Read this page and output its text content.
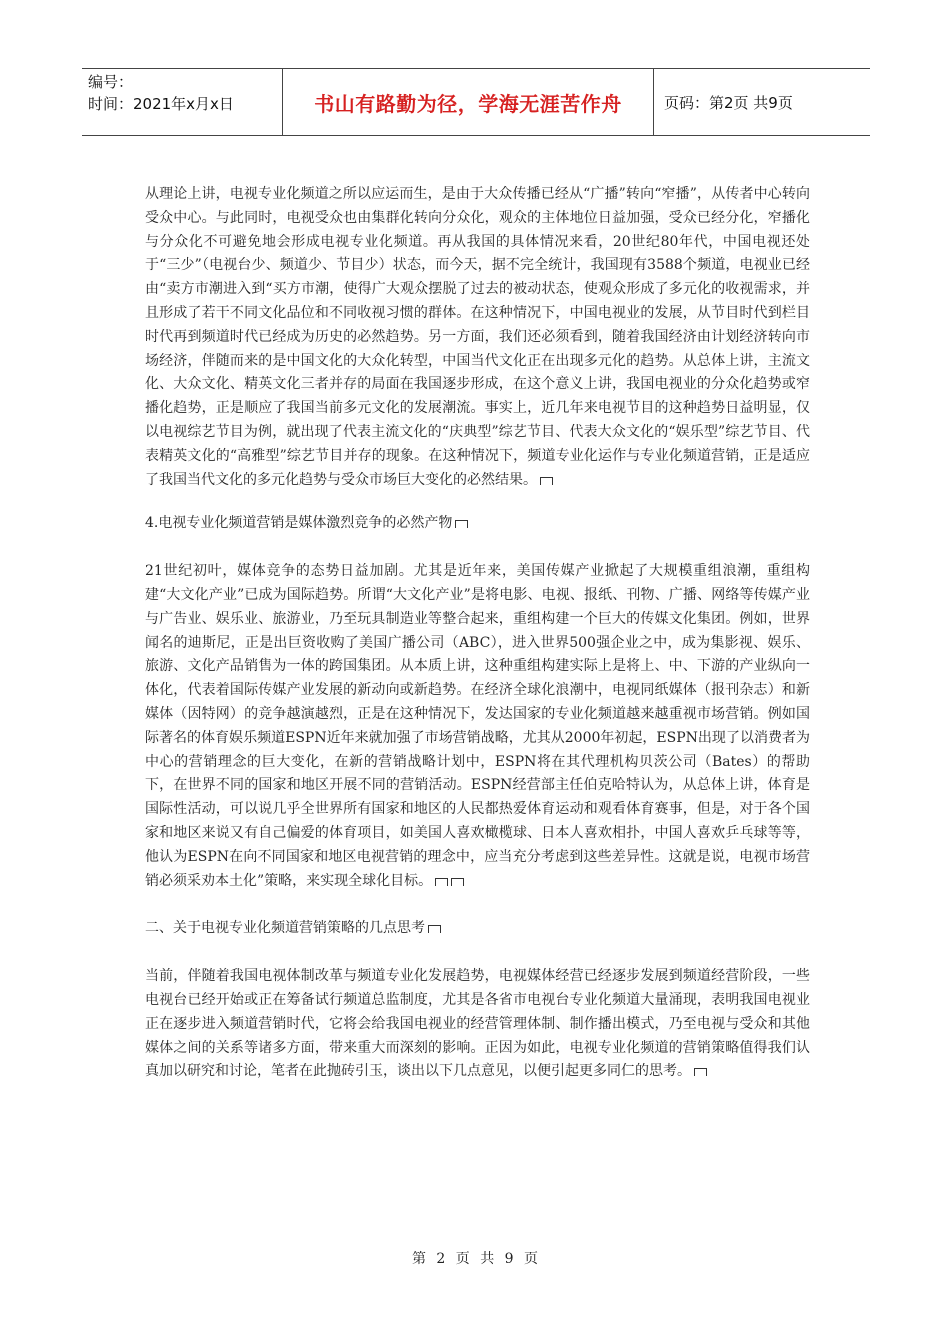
编号：
时间：2021年x月x日	书山有路勤为径，学海无涯苦作舟	页码：第2页 共9页

从理论上讲，电视专业化频道之所以应运而生，是由于大众传播已经从“广播”转向“窄播”，从传者中心转向受众中心。与此同时，电视受众也由集群化转向分众化，观众的主体地位日益加强，受众已经分化，窄播化与分众化不可避免地会形成电视专业化频道。再从我国的具体情况来看，20世纪80年代，中国电视还处于“三少”（电视台少、频道少、节目少）状态，而今天，据不完全统计，我国现有3588个频道，电视业已经由“卖方市潮进入到“买方市潮，使得广大观众摆脱了过去的被动状态，使观众形成了多元化的收视需求，并且形成了若干不同文化品位和不同收视习惯的群体。在这种情况下，中国电视业的发展，从节目时代到栏目时代再到频道时代已经成为历史的必然趋势。另一方面，我们还必须看到，随着我国经济由计划经济转向市场经济，伴随而来的是中国文化的大众化转型，中国当代文化正在出现多元化的趋势。从总体上讲，主流文化、大众文化、精英文化三者并存的局面在我国逐步形成，在这个意义上讲，我国电视业的分众化趋势或窄播化趋势，正是顺应了我国当前多元文化的发展潮流。事实上，近几年来电视节目的这种趋势日益明显，仅以电视综艺节目为例，就出现了代表主流文化的“庆典型”综艺节目、代表大众文化的“娱乐型”综艺节目、代表精英文化的“高雅型”综艺节目并存的现象。在这种情况下，频道专业化运作与专业化频道营销，正是适应了我国当代文化的多元化趋势与受众市场巨大变化的必然结果。

4.电视专业化频道营销是媒体激烈竞争的必然产物

21世纪初叶，媒体竞争的态势日益加剧。尤其是近年来，美国传媒产业掀起了大规模重组浪潮，重组构建“大文化产业”已成为国际趋势。所谓“大文化产业”是将电影、电视、报纸、刊物、广播、网络等传媒产业与广告业、娱乐业、旅游业，乃至玩具制造业等整合起来，重组构建一个巨大的传媒文化集团。例如，世界闻名的迪斯尼，正是出巨资收购了美国广播公司（ABC），进入世界500强企业之中，成为集影视、娱乐、旅游、文化产品销售为一体的跨国集团。从本质上讲，这种重组构建实际上是将上、中、下游的产业纵向一体化，代表着国际传媒产业发展的新动向或新趋势。在经济全球化浪潮中，电视同纸媒体（报刊杂志）和新媒体（因特网）的竞争越演越烈，正是在这种情况下，发达国家的专业化频道越来越重视市场营销。例如国际著名的体育娱乐频道ESPN近年来就加强了市场营销战略，尤其从2000年初起，ESPN出现了以消费者为中心的营销理念的巨大变化，在新的营销战略计划中，ESPN将在其代理机构贝茨公司（Bates）的帮助下，在世界不同的国家和地区开展不同的营销活动。ESPN经营部主任伯克哈特认为，从总体上讲，体育是国际性活动，可以说几乎全世界所有国家和地区的人民都热爱体育运动和观看体育赛事，但是，对于各个国家和地区来说又有自己偏爱的体育项目，如美国人喜欢橄榄球、日本人喜欢相扑，中国人喜欢乒乓球等等，他认为ESPN在向不同国家和地区电视营销的理念中，应当充分考虑到这些差异性。这就是说，电视市场营销必须采劝本土化”策略，来实现全球化目标。

二、关于电视专业化频道营销策略的几点思考

当前，伴随着我国电视体制改革与频道专业化发展趋势，电视媒体经营已经逐步发展到频道经营阶段，一些电视台已经开始或正在筹备试行频道总监制度，尤其是各省市电视台专业化频道大量涌现，表明我国电视业正在逐步进入频道营销时代，它将会给我国电视业的经营管理体制、制作播出模式，乃至电视与受众和其他媒体之间的关系等诸多方面，带来重大而深刻的影响。正因为如此，电视专业化频道的营销策略值得我们认真加以研究和讨论，笔者在此抛砖引玉，谈出以下几点意见，以便引起更多同仁的思考。

第 2 页 共 9 页
